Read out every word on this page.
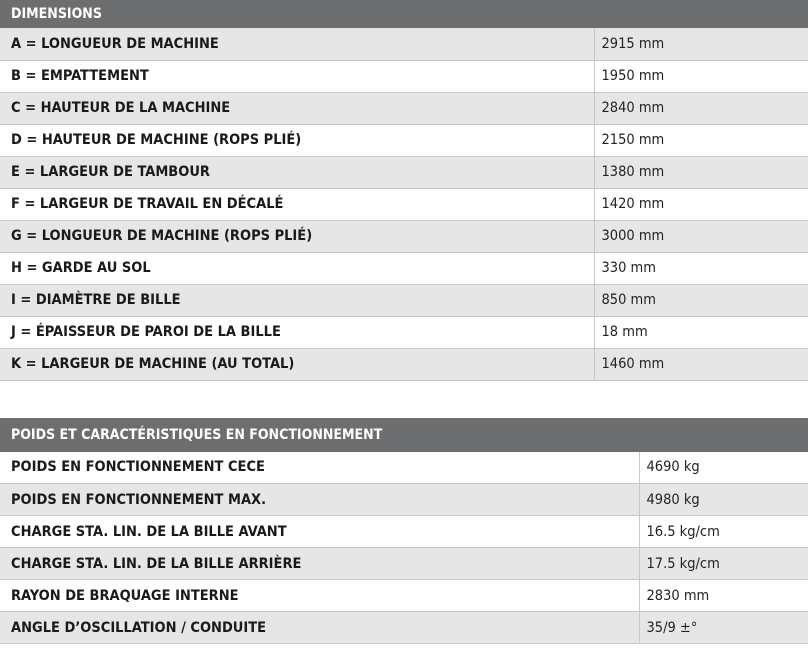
DIMENSIONS	
A = LONGUEUR DE MACHINE	2915 mm
B = EMPATTEMENT	1950 mm
C = HAUTEUR DE LA MACHINE	2840 mm
D = HAUTEUR DE MACHINE (ROPS PLIÉ)	2150 mm
E = LARGEUR DE TAMBOUR	1380 mm
F = LARGEUR DE TRAVAIL EN DÉCALÉ	1420 mm
G = LONGUEUR DE MACHINE (ROPS PLIÉ)	3000 mm
H = GARDE AU SOL	330 mm
I = DIAMÈTRE DE BILLE	850 mm
J = ÉPAISSEUR DE PAROI DE LA BILLE	18 mm
K = LARGEUR DE MACHINE (AU TOTAL)	1460 mm
POIDS ET CARACTÉRISTIQUES EN FONCTIONNEMENT	
POIDS EN FONCTIONNEMENT CECE	4690 kg
POIDS EN FONCTIONNEMENT MAX.	4980 kg
CHARGE STA. LIN. DE LA BILLE AVANT	16.5 kg/cm
CHARGE STA. LIN. DE LA BILLE ARRIÈRE	17.5 kg/cm
RAYON DE BRAQUAGE INTERNE	2830 mm
ANGLE D’OSCILLATION / CONDUITE	35/9 ±°
